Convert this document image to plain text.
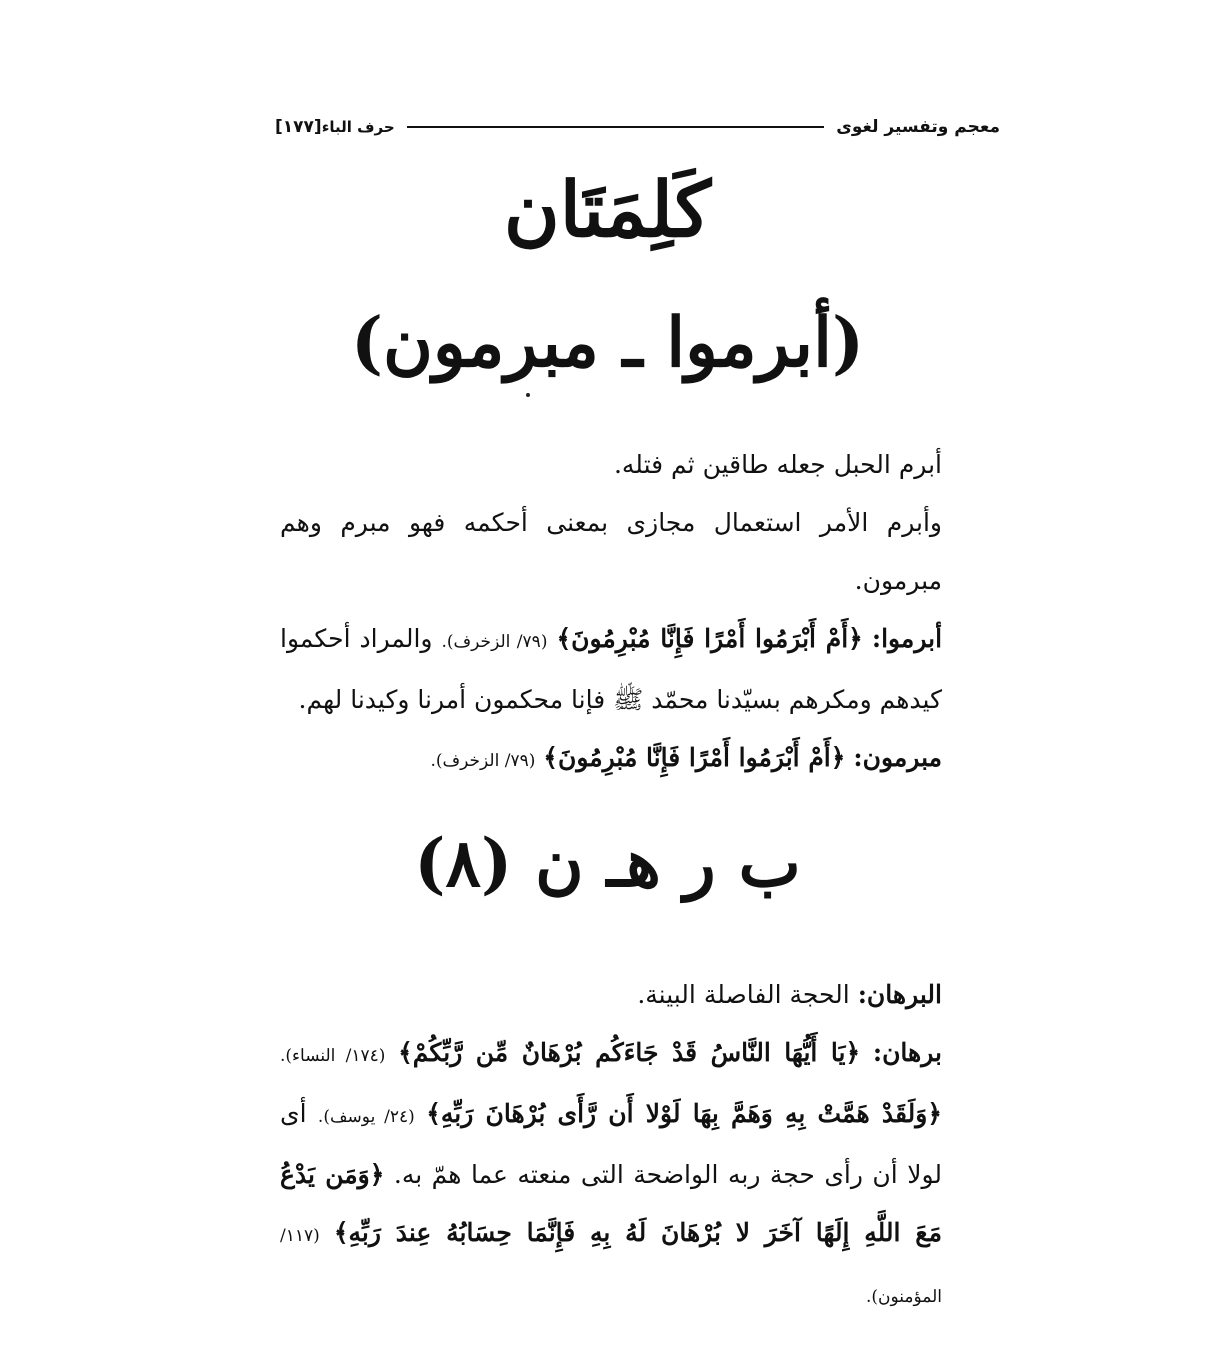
معجم وتفسير لغوى
حرف الباء
[١٧٧]
كَلِمَتَان
(أبرموا ـ مبرمون)

أبرم الحبل جعله طاقين ثم فتله.

وأبرم الأمر استعمال مجازى بمعنى أحكمه فهو مبرم وهم مبرمون.

أبرموا: ﴿أَمْ أَبْرَمُوا أَمْرًا فَإِنَّا مُبْرِمُونَ﴾ (٧٩/ الزخرف). والمراد أحكموا كيدهم ومكرهم بسيّدنا محمّد ﷺ فإنا محكمون أمرنا وكيدنا لهم.

مبرمون: ﴿أَمْ أَبْرَمُوا أَمْرًا فَإِنَّا مُبْرِمُونَ﴾ (٧٩/ الزخرف).

ب ر هـ ن (٨)

البرهان: الحجة الفاصلة البينة.

برهان: ﴿يَا أَيُّهَا النَّاسُ قَدْ جَاءَكُم بُرْهَانٌ مِّن رَّبِّكُمْ﴾ (١٧٤/ النساء). ﴿وَلَقَدْ هَمَّتْ بِهِ وَهَمَّ بِهَا لَوْلا أَن رَّأَى بُرْهَانَ رَبِّهِ﴾ (٢٤/ يوسف). أى لولا أن رأى حجة ربه الواضحة التى منعته عما همّ به. ﴿وَمَن يَدْعُ مَعَ اللَّهِ إِلَهًا آخَرَ لا بُرْهَانَ لَهُ بِهِ فَإِنَّمَا حِسَابُهُ عِندَ رَبِّهِ﴾ (١١٧/ المؤمنون).
